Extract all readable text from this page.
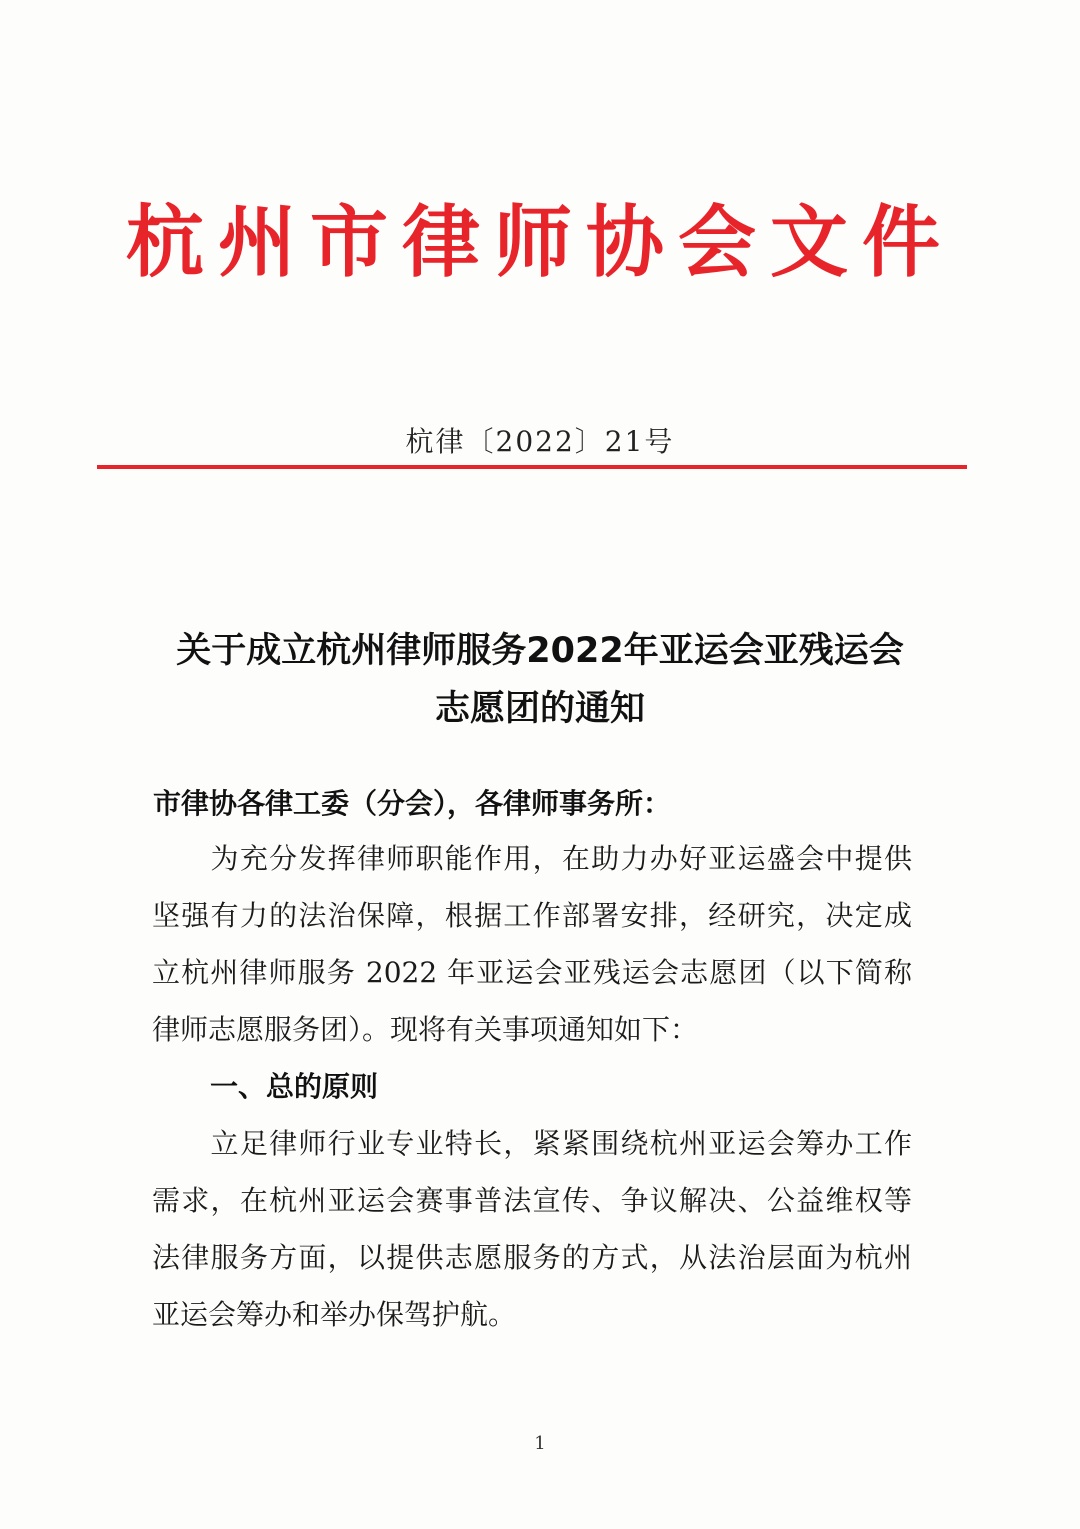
杭州市律师协会文件
杭律〔2022〕21号
关于成立杭州律师服务2022年亚运会亚残运会
志愿团的通知
市律协各律工委（分会），各律师事务所：
　　为充分发挥律师职能作用，在助力办好亚运盛会中提供
坚强有力的法治保障，根据工作部署安排，经研究，决定成
立杭州律师服务 2022 年亚运会亚残运会志愿团（以下简称
律师志愿服务团）。现将有关事项通知如下：
一、总的原则
　　立足律师行业专业特长，紧紧围绕杭州亚运会筹办工作
需求，在杭州亚运会赛事普法宣传、争议解决、公益维权等
法律服务方面，以提供志愿服务的方式，从法治层面为杭州
亚运会筹办和举办保驾护航。
1
